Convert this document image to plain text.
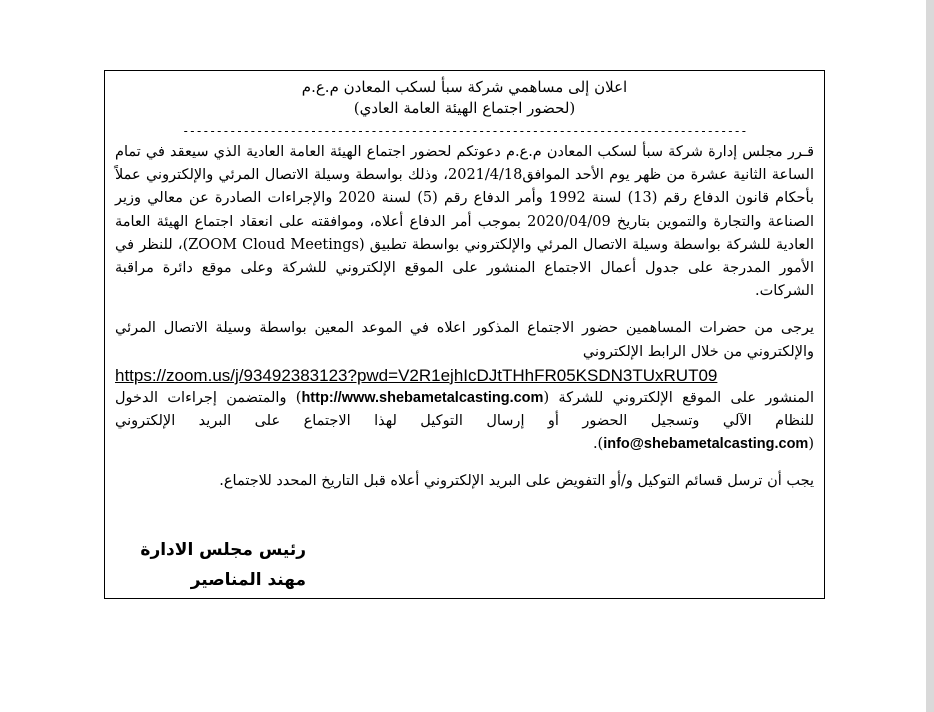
اعلان إلى مساهمي شركة سبأ لسكب المعادن م.ع.م
(لحضور اجتماع الهيئة العامة العادي)
------------------------------------------------------------------------------------
قـرر مجلس إدارة شركة سبأ لسكب المعادن م.ع.م دعوتكم لحضور اجتماع الهيئة العامة العادية الذي سيعقد في تمام الساعة الثانية عشرة من ظهر يوم الأحد الموافق2021/4/18، وذلك بواسطة وسيلة الاتصال المرئي والإلكتروني عملاً بأحكام قانون الدفاع رقم (13) لسنة 1992 وأمر الدفاع رقم (5) لسنة 2020 والإجراءات الصادرة عن معالي وزير الصناعة والتجارة والتموين بتاريخ 2020/04/09 بموجب أمر الدفاع أعلاه، وموافقته على انعقاد اجتماع الهيئة العامة العادية للشركة بواسطة وسيلة الاتصال المرئي والإلكتروني بواسطة تطبيق (ZOOM Cloud Meetings)، للنظر في الأمور المدرجة على جدول أعمال الاجتماع المنشور على الموقع الإلكتروني للشركة وعلى موقع دائرة مراقبة الشركات.
يرجى من حضرات المساهمين حضور الاجتماع المذكور اعلاه في الموعد المعين بواسطة وسيلة الاتصال المرئي والإلكتروني من خلال الرابط الإلكتروني
https://zoom.us/j/93492383123?pwd=V2R1ejhIcDJtTHhFR05KSDN3TUxRUT09
المنشور على الموقع الإلكتروني للشركة (http://www.shebametalcasting.com) والمتضمن إجراءات الدخول للنظام الآلي وتسجيل الحضور أو إرسال التوكيل لهذا الاجتماع على البريد الإلكتروني (info@shebametalcasting.com).
يجب أن ترسل قسائم التوكيل و/أو التفويض على البريد الإلكتروني أعلاه قبل التاريخ المحدد للاجتماع.
رئيس مجلس الادارة
مهند المناصير
